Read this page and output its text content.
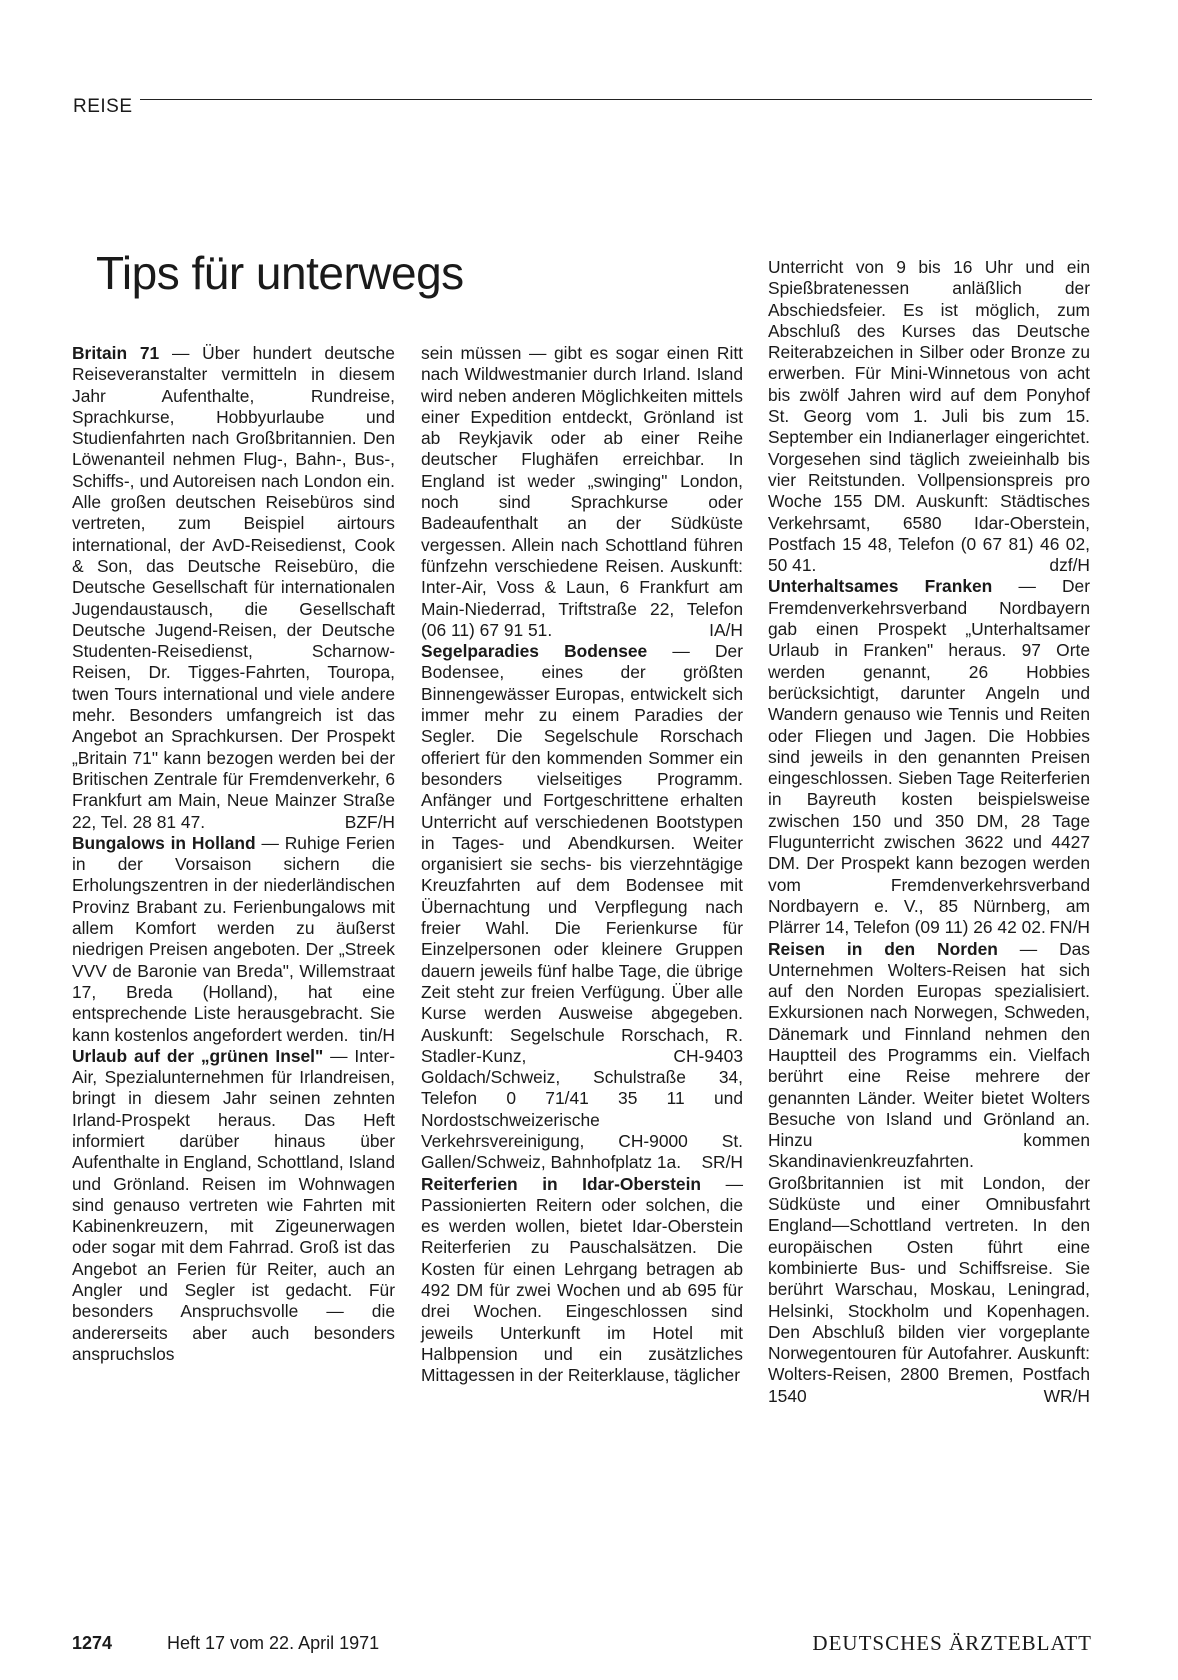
REISE
Tips für unterwegs

Britain 71 — Über hundert deutsche Reiseveranstalter vermitteln in diesem Jahr Aufenthalte, Rundreise, Sprachkurse, Hobbyurlaube und Studienfahrten nach Großbritannien. Den Löwenanteil nehmen Flug-, Bahn-, Bus-, Schiffs-, und Autoreisen nach London ein. Alle großen deutschen Reisebüros sind vertreten, zum Beispiel airtours international, der AvD-Reisedienst, Cook & Son, das Deutsche Reisebüro, die Deutsche Gesellschaft für internationalen Jugendaustausch, die Gesellschaft Deutsche Jugend-Reisen, der Deutsche Studenten-Reisedienst, Scharnow-Reisen, Dr. Tigges-Fahrten, Touropa, twen Tours international und viele andere mehr. Besonders umfangreich ist das Angebot an Sprachkursen. Der Prospekt „Britain 71" kann bezogen werden bei der Britischen Zentrale für Fremdenverkehr, 6 Frankfurt am Main, Neue Mainzer Straße 22, Tel. 28 81 47.	BZF/H

Bungalows in Holland — Ruhige Ferien in der Vorsaison sichern die Erholungszentren in der niederländischen Provinz Brabant zu. Ferienbungalows mit allem Komfort werden zu äußerst niedrigen Preisen angeboten. Der „Streek VVV de Baronie van Breda", Willemstraat 17, Breda (Holland), hat eine entsprechende Liste herausgebracht. Sie kann kostenlos angefordert werden. tin/H

Urlaub auf der „grünen Insel" — Inter-Air, Spezialunternehmen für Irlandreisen, bringt in diesem Jahr seinen zehnten Irland-Prospekt heraus. Das Heft informiert darüber hinaus über Aufenthalte in England, Schottland, Island und Grönland. Reisen im Wohnwagen sind genauso vertreten wie Fahrten mit Kabinenkreuzern, mit Zigeunerwagen oder sogar mit dem Fahrrad. Groß ist das Angebot an Ferien für Reiter, auch an Angler und Segler ist gedacht. Für besonders Anspruchsvolle — die andererseits aber auch besonders anspruchslos

sein müssen — gibt es sogar einen Ritt nach Wildwestmanier durch Irland. Island wird neben anderen Möglichkeiten mittels einer Expedition entdeckt, Grönland ist ab Reykjavik oder ab einer Reihe deutscher Flughäfen erreichbar. In England ist weder „swinging" London, noch sind Sprachkurse oder Badeaufenthalt an der Südküste vergessen. Allein nach Schottland führen fünfzehn verschiedene Reisen. Auskunft: Inter-Air, Voss & Laun, 6 Frankfurt am Main-Niederrad, Triftstraße 22, Telefon (06 11) 67 91 51.	IA/H

Segelparadies Bodensee — Der Bodensee, eines der größten Binnengewässer Europas, entwickelt sich immer mehr zu einem Paradies der Segler. Die Segelschule Rorschach offeriert für den kommenden Sommer ein besonders vielseitiges Programm. Anfänger und Fortgeschrittene erhalten Unterricht auf verschiedenen Bootstypen in Tages- und Abendkursen. Weiter organisiert sie sechs- bis vierzehntägige Kreuzfahrten auf dem Bodensee mit Übernachtung und Verpflegung nach freier Wahl. Die Ferienkurse für Einzelpersonen oder kleinere Gruppen dauern jeweils fünf halbe Tage, die übrige Zeit steht zur freien Verfügung. Über alle Kurse werden Ausweise abgegeben. Auskunft: Segelschule Rorschach, R. Stadler-Kunz, CH-9403 Goldach/Schweiz, Schulstraße 34, Telefon 0 71/41 35 11 und Nordostschweizerische Verkehrsvereinigung, CH-9000 St. Gallen/Schweiz, Bahnhofplatz 1a. SR/H

Reiterferien in Idar-Oberstein — Passionierten Reitern oder solchen, die es werden wollen, bietet Idar-Oberstein Reiterferien zu Pauschalsätzen. Die Kosten für einen Lehrgang betragen ab 492 DM für zwei Wochen und ab 695 für drei Wochen. Eingeschlossen sind jeweils Unterkunft im Hotel mit Halbpension und ein zusätzliches Mittagessen in der Reiterklause, täglicher

Unterricht von 9 bis 16 Uhr und ein Spießbratenessen anläßlich der Abschiedsfeier. Es ist möglich, zum Abschluß des Kurses das Deutsche Reiterabzeichen in Silber oder Bronze zu erwerben. Für Mini-Winnetous von acht bis zwölf Jahren wird auf dem Ponyhof St. Georg vom 1. Juli bis zum 15. September ein Indianerlager eingerichtet. Vorgesehen sind täglich zweieinhalb bis vier Reitstunden. Vollpensionspreis pro Woche 155 DM. Auskunft: Städtisches Verkehrsamt, 6580 Idar-Oberstein, Postfach 15 48, Telefon (0 67 81) 46 02, 50 41.	dzf/H

Unterhaltsames Franken — Der Fremdenverkehrsverband Nordbayern gab einen Prospekt „Unterhaltsamer Urlaub in Franken" heraus. 97 Orte werden genannt, 26 Hobbies berücksichtigt, darunter Angeln und Wandern genauso wie Tennis und Reiten oder Fliegen und Jagen. Die Hobbies sind jeweils in den genannten Preisen eingeschlossen. Sieben Tage Reiterferien in Bayreuth kosten beispielsweise zwischen 150 und 350 DM, 28 Tage Flugunterricht zwischen 3622 und 4427 DM. Der Prospekt kann bezogen werden vom Fremdenverkehrsverband Nordbayern e. V., 85 Nürnberg, am Plärrer 14, Telefon (09 11) 26 42 02. FN/H

Reisen in den Norden — Das Unternehmen Wolters-Reisen hat sich auf den Norden Europas spezialisiert. Exkursionen nach Norwegen, Schweden, Dänemark und Finnland nehmen den Hauptteil des Programms ein. Vielfach berührt eine Reise mehrere der genannten Länder. Weiter bietet Wolters Besuche von Island und Grönland an. Hinzu kommen Skandinavienkreuzfahrten. Großbritannien ist mit London, der Südküste und einer Omnibusfahrt England—Schottland vertreten. In den europäischen Osten führt eine kombinierte Bus- und Schiffsreise. Sie berührt Warschau, Moskau, Leningrad, Helsinki, Stockholm und Kopenhagen. Den Abschluß bilden vier vorgeplante Norwegentouren für Autofahrer. Auskunft: Wolters-Reisen, 2800 Bremen, Postfach 1540	WR/H

1274	Heft 17 vom 22. April 1971	DEUTSCHES ÄRZTEBLATT
